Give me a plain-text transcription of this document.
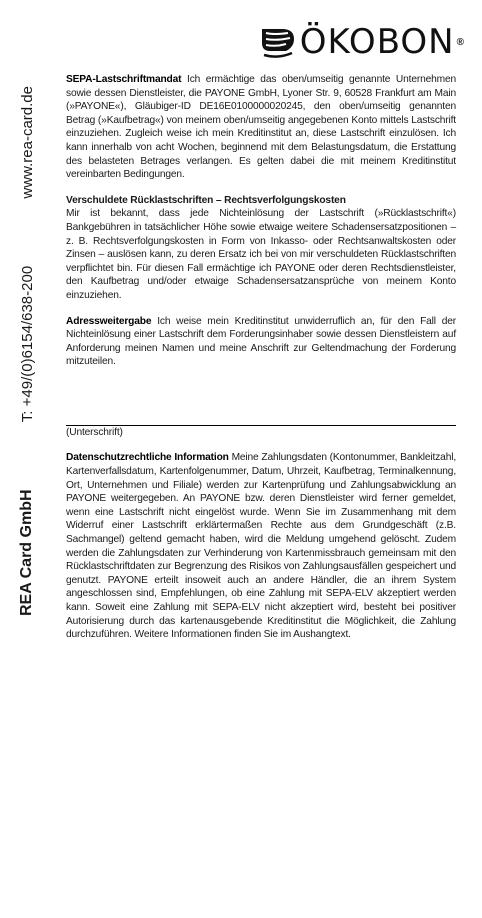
ÖKOBON ®
REA Card GmbH
T: +49/(0)6154/638-200
www.rea-card.de

SEPA-Lastschriftmandat Ich ermächtige das oben/umseitig genannte Unternehmen sowie dessen Dienstleister, die PAYONE GmbH, Lyoner Str. 9, 60528 Frankfurt am Main (»PAYONE«), Gläubiger-ID DE16E0100000020245, den oben/umseitig genannten Betrag (»Kaufbetrag«) von meinem oben/umseitig angegebenen Konto mittels Lastschrift einzuziehen. Zugleich weise ich mein Kreditinstitut an, diese Lastschrift einzulösen. Ich kann innerhalb von acht Wochen, beginnend mit dem Belastungsdatum, die Erstattung des belasteten Betrages verlangen. Es gelten dabei die mit meinem Kreditinstitut vereinbarten Bedingungen.

Verschuldete Rücklastschriften – Rechtsverfolgungskosten
Mir ist bekannt, dass jede Nichteinlösung der Lastschrift (»Rücklastschrift«) Bankgebühren in tatsächlicher Höhe sowie etwaige weitere Schadensersatzpositionen – z. B. Rechtsverfolgungskosten in Form von Inkasso- oder Rechtsanwaltskosten oder Zinsen – auslösen kann, zu deren Ersatz ich bei von mir verschuldeten Rücklastschriften verpflichtet bin. Für diesen Fall ermächtige ich PAYONE oder deren Rechtsdienstleister, den Kaufbetrag und/oder etwaige Schadensersatzansprüche von meinem Konto einzuziehen.

Adressweitergabe Ich weise mein Kreditinstitut unwiderruflich an, für den Fall der Nichteinlösung einer Lastschrift dem Forderungsinhaber sowie dessen Dienstleistern auf Anforderung meinen Namen und meine Anschrift zur Geltendmachung der Forderung mitzuteilen.

(Unterschrift)

Datenschutzrechtliche Information Meine Zahlungsdaten (Kontonummer, Bankleitzahl, Kartenverfallsdatum, Kartenfolgenummer, Datum, Uhrzeit, Kaufbetrag, Terminalkennung, Ort, Unternehmen und Filiale) werden zur Kartenprüfung und Zahlungsabwicklung an PAYONE weitergegeben. An PAYONE bzw. deren Dienstleister wird ferner gemeldet, wenn eine Lastschrift nicht eingelöst wurde. Wenn Sie im Zusammenhang mit dem Widerruf einer Lastschrift erklärtermaßen Rechte aus dem Grundgeschäft (z.B. Sachmangel) geltend gemacht haben, wird die Meldung umgehend gelöscht. Zudem werden die Zahlungsdaten zur Verhinderung von Kartenmissbrauch gemeinsam mit den Rücklastschriftdaten zur Begrenzung des Risikos von Zahlungsausfällen gespeichert und genutzt. PAYONE erteilt insoweit auch an andere Händler, die an ihrem System angeschlossen sind, Empfehlungen, ob eine Zahlung mit SEPA-ELV akzeptiert werden kann. Soweit eine Zahlung mit SEPA-ELV nicht akzeptiert wird, besteht bei positiver Autorisierung durch das kartenausgebende Kreditinstitut die Möglichkeit, die Zahlung durchzuführen. Weitere Informationen finden Sie im Aushangtext.
